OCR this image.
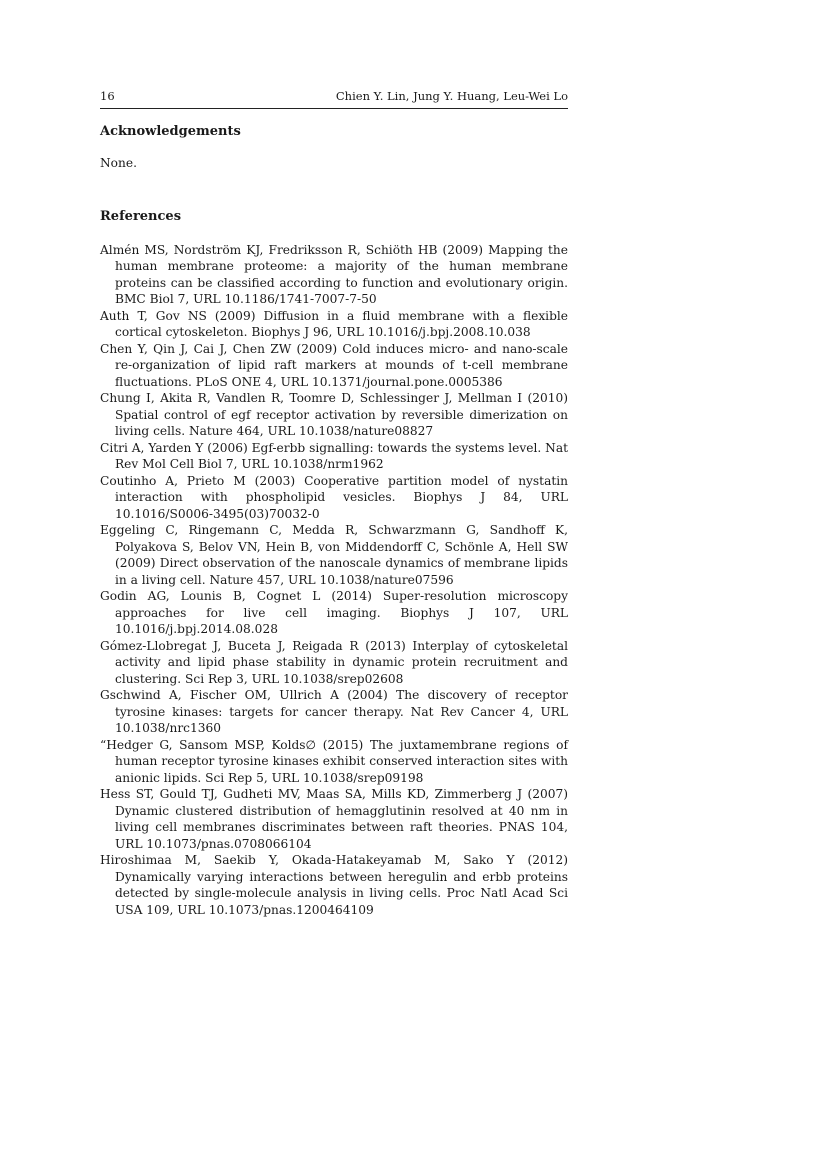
16	Chien Y. Lin, Jung Y. Huang, Leu-Wei Lo
Acknowledgements

None.

References
Almén MS, Nordström KJ, Fredriksson R, Schiöth HB (2009) Mapping the human membrane proteome: a majority of the human membrane proteins can be classified according to function and evolutionary origin. BMC Biol 7, URL 10.1186/1741-7007-7-50
Auth T, Gov NS (2009) Diffusion in a fluid membrane with a flexible cortical cytoskeleton. Biophys J 96, URL 10.1016/j.bpj.2008.10.038
Chen Y, Qin J, Cai J, Chen ZW (2009) Cold induces micro- and nano-scale re-organization of lipid raft markers at mounds of t-cell membrane fluctuations. PLoS ONE 4, URL 10.1371/journal.pone.0005386
Chung I, Akita R, Vandlen R, Toomre D, Schlessinger J, Mellman I (2010) Spatial control of egf receptor activation by reversible dimerization on living cells. Nature 464, URL 10.1038/nature08827
Citri A, Yarden Y (2006) Egf-erbb signalling: towards the systems level. Nat Rev Mol Cell Biol 7, URL 10.1038/nrm1962
Coutinho A, Prieto M (2003) Cooperative partition model of nystatin interaction with phospholipid vesicles. Biophys J 84, URL 10.1016/S0006-3495(03)70032-0
Eggeling C, Ringemann C, Medda R, Schwarzmann G, Sandhoff K, Polyakova S, Belov VN, Hein B, von Middendorff C, Schönle A, Hell SW (2009) Direct observation of the nanoscale dynamics of membrane lipids in a living cell. Nature 457, URL 10.1038/nature07596
Godin AG, Lounis B, Cognet L (2014) Super-resolution microscopy approaches for live cell imaging. Biophys J 107, URL 10.1016/j.bpj.2014.08.028
Gómez-Llobregat J, Buceta J, Reigada R (2013) Interplay of cytoskeletal activity and lipid phase stability in dynamic protein recruitment and clustering. Sci Rep 3, URL 10.1038/srep02608
Gschwind A, Fischer OM, Ullrich A (2004) The discovery of receptor tyrosine kinases: targets for cancer therapy. Nat Rev Cancer 4, URL 10.1038/nrc1360
“Hedger G, Sansom MSP, Kolds∅ (2015) The juxtamembrane regions of human receptor tyrosine kinases exhibit conserved interaction sites with anionic lipids. Sci Rep 5, URL 10.1038/srep09198
Hess ST, Gould TJ, Gudheti MV, Maas SA, Mills KD, Zimmerberg J (2007) Dynamic clustered distribution of hemagglutinin resolved at 40 nm in living cell membranes discriminates between raft theories. PNAS 104, URL 10.1073/pnas.0708066104
Hiroshimaa M, Saekib Y, Okada-Hatakeyamab M, Sako Y (2012) Dynamically varying interactions between heregulin and erbb proteins detected by single-molecule analysis in living cells. Proc Natl Acad Sci USA 109, URL 10.1073/pnas.1200464109
